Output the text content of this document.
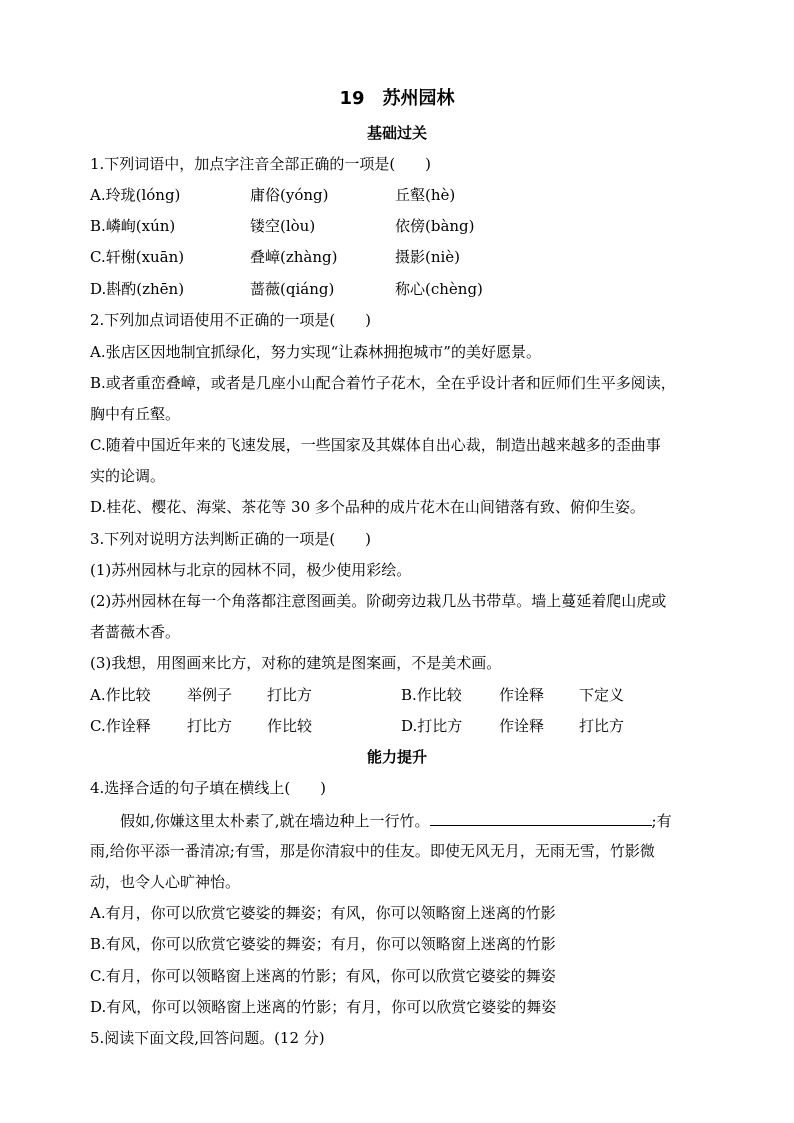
19　苏州园林
基础过关
1.下列词语中，加点字注音全部正确的一项是(　　)
A.玲珑(lóng)	庸俗(yóng)	丘壑(hè)
B.嶙峋(xún)	镂空(lòu)	依傍(bàng)
C.轩榭(xuān)	叠嶂(zhàng)	摄影(niè)
D.斟酌(zhēn)	蔷薇(qiáng)	称心(chèng)
2.下列加点词语使用不正确的一项是(　　)
A.张店区因地制宜抓绿化，努力实现“让森林拥抱城市”的美好愿景。
B.或者重峦叠嶂，或者是几座小山配合着竹子花木，全在乎设计者和匠师们生平多阅读，
胸中有丘壑。
C.随着中国近年来的飞速发展，一些国家及其媒体自出心裁，制造出越来越多的歪曲事
实的论调。
D.桂花、樱花、海棠、茶花等 30 多个品种的成片花木在山间错落有致、俯仰生姿。
3.下列对说明方法判断正确的一项是(　　)
(1)苏州园林与北京的园林不同，极少使用彩绘。
(2)苏州园林在每一个角落都注意图画美。阶砌旁边栽几丛书带草。墙上蔓延着爬山虎或
者蔷薇木香。
(3)我想，用图画来比方，对称的建筑是图案画，不是美术画。
A.作比较 举例子 打比方	B.作比较 作诠释 下定义
C.作诠释 打比方 作比较	D.打比方 作诠释 打比方
能力提升
4.选择合适的句子填在横线上(　　)
　　假如,你嫌这里太朴素了,就在墙边种上一行竹。	;有
雨,给你平添一番清凉;有雪，那是你清寂中的佳友。即使无风无月，无雨无雪，竹影微
动，也令人心旷神怡。
A.有月，你可以欣赏它婆娑的舞姿；有风，你可以领略窗上迷离的竹影
B.有风，你可以欣赏它婆娑的舞姿；有月，你可以领略窗上迷离的竹影
C.有月，你可以领略窗上迷离的竹影；有风，你可以欣赏它婆娑的舞姿
D.有风，你可以领略窗上迷离的竹影；有月，你可以欣赏它婆娑的舞姿
5.阅读下面文段,回答问题。(12 分)
